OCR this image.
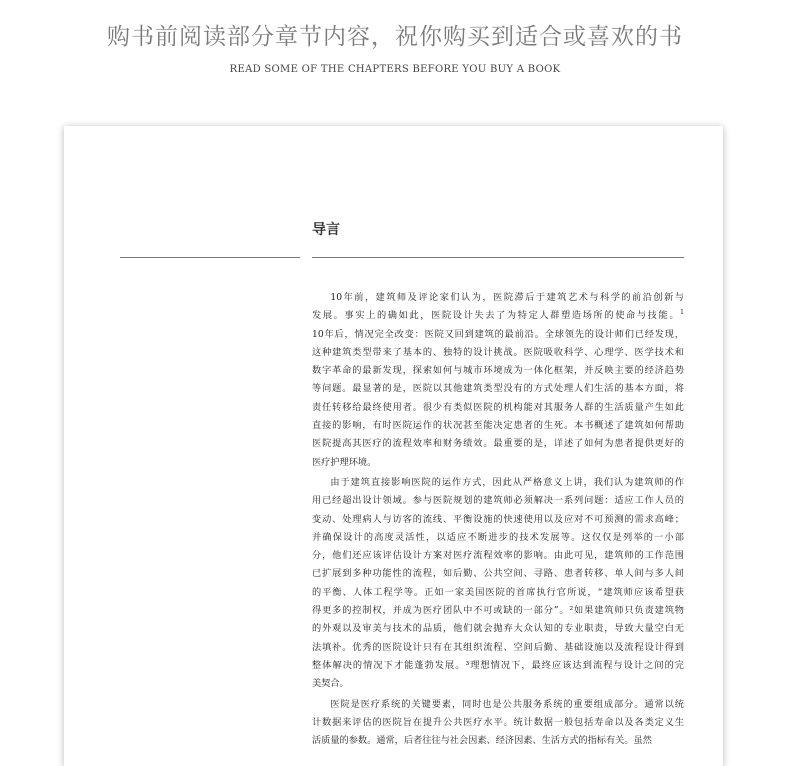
购书前阅读部分章节内容，祝你购买到适合或喜欢的书
READ SOME OF THE CHAPTERS BEFORE YOU BUY A BOOK
导言

10年前，建筑师及评论家们认为，医院滞后于建筑艺术与科学的前沿创新与
发展。事实上的确如此，医院设计失去了为特定人群塑造场所的使命与技能。$^1$
10年后，情况完全改变：医院又回到建筑的最前沿。全球领先的设计师们已经发现，
这种建筑类型带来了基本的、独特的设计挑战。医院吸收科学、心理学、医学技术和
数字革命的最新发现，探索如何与城市环境成为一体化框架，并反映主要的经济趋势
等问题。最显著的是，医院以其他建筑类型没有的方式处理人们生活的基本方面，将
责任转移给最终使用者。很少有类似医院的机构能对其服务人群的生活质量产生如此
直接的影响，有时医院运作的状况甚至能决定患者的生死。本书概述了建筑如何帮助
医院提高其医疗的流程效率和财务绩效。最重要的是，详述了如何为患者提供更好的
医疗护理环境。

由于建筑直接影响医院的运作方式，因此从严格意义上讲，我们认为建筑师的作
用已经超出设计领域。参与医院规划的建筑师必须解决一系列问题：适应工作人员的
变动、处理病人与访客的流线、平衡设施的快速使用以及应对不可预测的需求高峰；
并确保设计的高度灵活性，以适应不断进步的技术发展等。这仅仅是列举的一小部
分，他们还应该评估设计方案对医疗流程效率的影响。由此可见，建筑师的工作范围
已扩展到多种功能性的流程，如后勤、公共空间、寻路、患者转移、单人间与多人间
的平衡、人体工程学等。正如一家美国医院的首席执行官所说，“建筑师应该希望获
得更多的控制权，并成为医疗团队中不可或缺的一部分”。²如果建筑师只负责建筑物
的外观以及审美与技术的品质，他们就会抛弃大众认知的专业职责，导致大量空白无
法填补。优秀的医院设计只有在其组织流程、空间后勤、基础设施以及流程设计得到
整体解决的情况下才能蓬勃发展。³理想情况下，最终应该达到流程与设计之间的完
美契合。

医院是医疗系统的关键要素，同时也是公共服务系统的重要组成部分。通常以统
计数据来评估的医院旨在提升公共医疗水平。统计数据一般包括寿命以及各类定义生
活质量的参数。通常，后者往往与社会因素、经济因素、生活方式的指标有关。虽然
